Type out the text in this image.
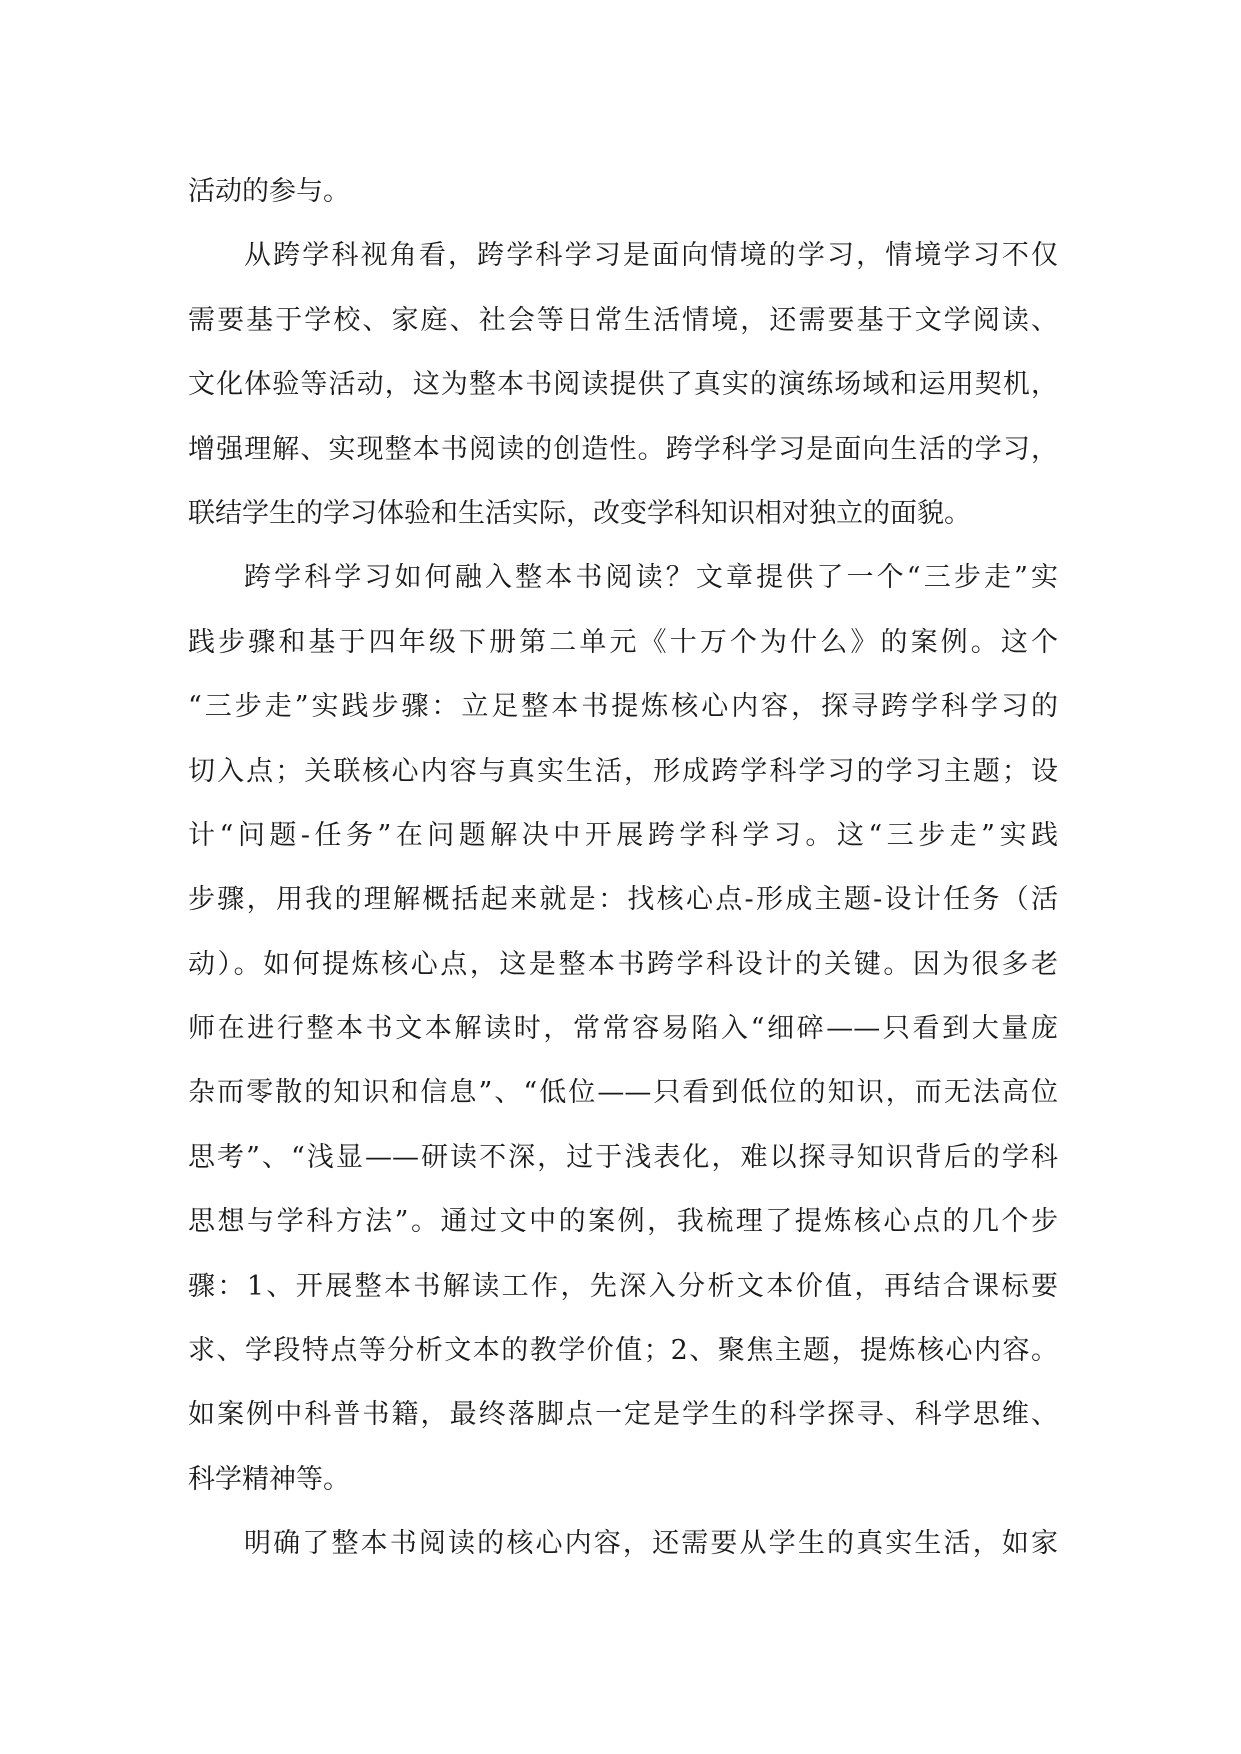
活动的参与。
从跨学科视角看，跨学科学习是面向情境的学习，情境学习不仅
需要基于学校、家庭、社会等日常生活情境，还需要基于文学阅读、
文化体验等活动，这为整本书阅读提供了真实的演练场域和运用契机，
增强理解、实现整本书阅读的创造性。跨学科学习是面向生活的学习，
联结学生的学习体验和生活实际，改变学科知识相对独立的面貌。
跨学科学习如何融入整本书阅读？文章提供了一个“三步走”实
践步骤和基于四年级下册第二单元《十万个为什么》的案例。这个
“三步走”实践步骤：立足整本书提炼核心内容，探寻跨学科学习的
切入点；关联核心内容与真实生活，形成跨学科学习的学习主题；设
计“问题-任务”在问题解决中开展跨学科学习。这“三步走”实践
步骤，用我的理解概括起来就是：找核心点-形成主题-设计任务（活
动）。如何提炼核心点，这是整本书跨学科设计的关键。因为很多老
师在进行整本书文本解读时，常常容易陷入“细碎——只看到大量庞
杂而零散的知识和信息”、“低位——只看到低位的知识，而无法高位
思考”、“浅显——研读不深，过于浅表化，难以探寻知识背后的学科
思想与学科方法”。通过文中的案例，我梳理了提炼核心点的几个步
骤：1、开展整本书解读工作，先深入分析文本价值，再结合课标要
求、学段特点等分析文本的教学价值；2、聚焦主题，提炼核心内容。
如案例中科普书籍，最终落脚点一定是学生的科学探寻、科学思维、
科学精神等。
明确了整本书阅读的核心内容，还需要从学生的真实生活，如家
